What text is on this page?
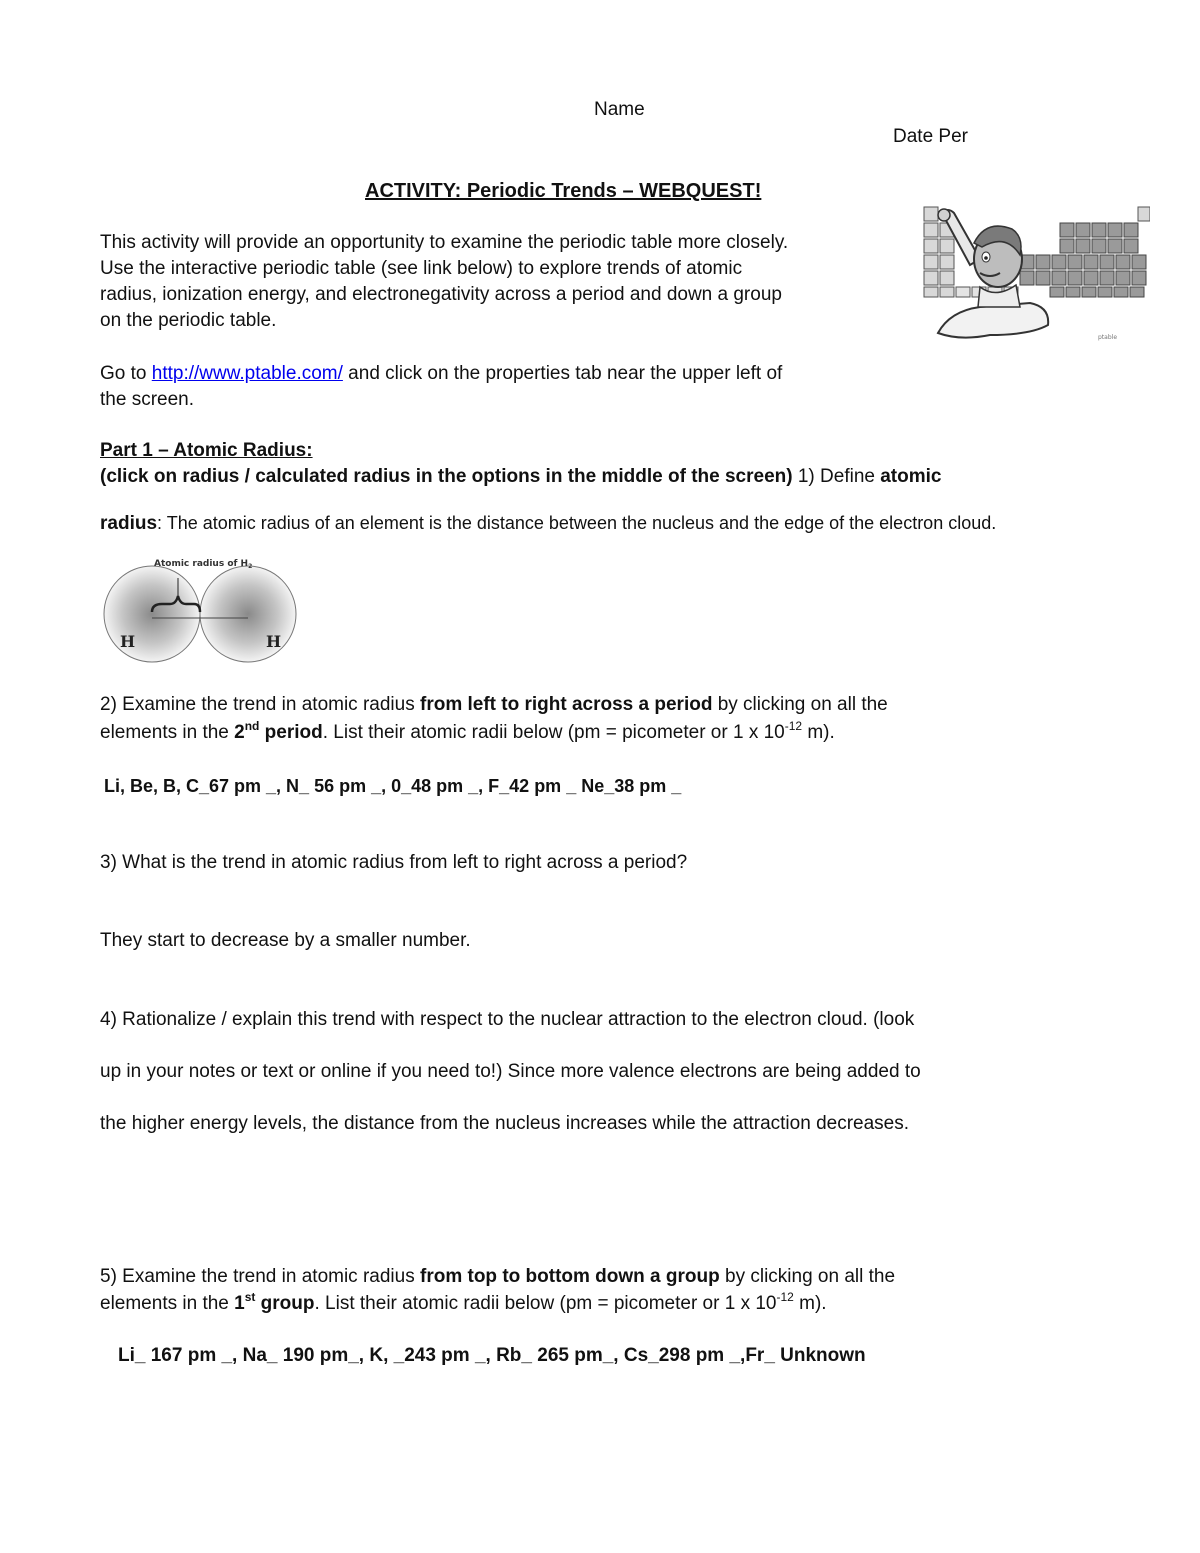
Name
Date Per
ACTIVITY: Periodic Trends – WEBQUEST!
This activity will provide an opportunity to examine the periodic table more closely.
Use the interactive periodic table (see link below) to explore trends of atomic
radius, ionization energy, and electronegativity across a period and down a group
on the periodic table.
ptable
Go to http://www.ptable.com/ and click on the properties tab near the upper left of
the screen.
Part 1 – Atomic Radius:
(click on radius / calculated radius in the options in the middle of the screen) 1) Define atomic
radius: The atomic radius of an element is the distance between the nucleus and the edge of the electron cloud.
Atomic radius of $H_2$
H	H
2) Examine the trend in atomic radius from left to right across a period by clicking on all the
elements in the 2nd period. List their atomic radii below (pm = picometer or 1 x $10^{-12}$ m).
Li, Be, B, C_67 pm _, N_ 56 pm _, 0_48 pm _, F_42 pm _ Ne_38 pm _
3) What is the trend in atomic radius from left to right across a period?
They start to decrease by a smaller number.
4) Rationalize / explain this trend with respect to the nuclear attraction to the electron cloud. (look
up in your notes or text or online if you need to!) Since more valence electrons are being added to
the higher energy levels, the distance from the nucleus increases while the attraction decreases.
5) Examine the trend in atomic radius from top to bottom down a group by clicking on all the
elements in the 1st group. List their atomic radii below (pm = picometer or 1 x $10^{-12}$ m).
Li_ 167 pm _, Na_ 190 pm_, K, _243 pm _, Rb_ 265 pm_, Cs_298 pm _,Fr_ Unknown
